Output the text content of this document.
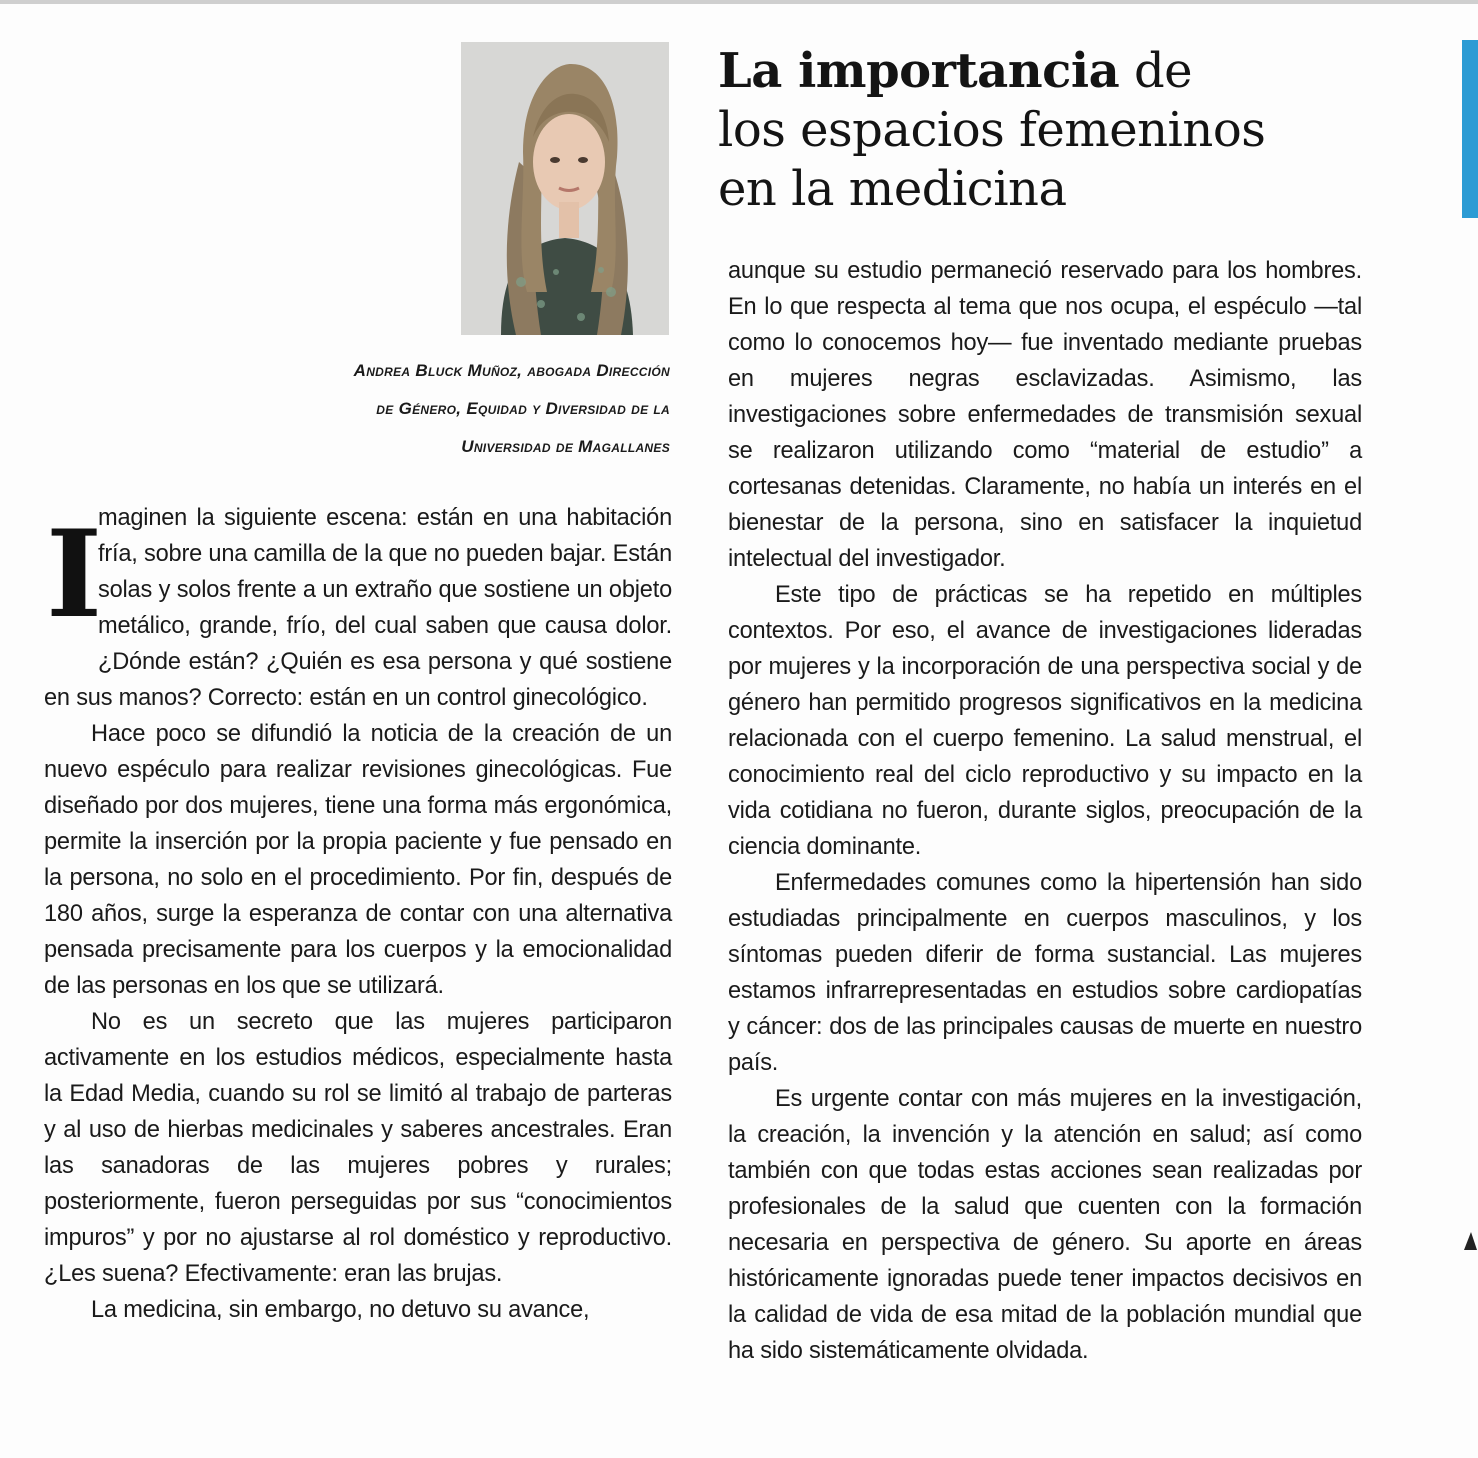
Andrea Bluck Muñoz, abogada Dirección
de Género, Equidad y Diversidad de la
Universidad de Magallanes

La importancia de
los espacios femeninos
en la medicina

I
maginen la siguiente escena: están en una habitación fría, sobre una camilla de la que no pueden bajar. Están solas y solos frente a un extraño que sostiene un objeto metálico, grande, frío, del cual saben que causa dolor. ¿Dónde están? ¿Quién es esa persona y qué sostiene en sus manos? Correcto: están en un control ginecológico.

Hace poco se difundió la noticia de la creación de un nuevo espéculo para realizar revisiones ginecológicas. Fue diseñado por dos mujeres, tiene una forma más ergonómica, permite la inserción por la propia paciente y fue pensado en la persona, no solo en el procedimiento. Por fin, después de 180 años, surge la esperanza de contar con una alternativa pensada precisamente para los cuerpos y la emocionalidad de las personas en los que se utilizará.

No es un secreto que las mujeres participaron activamente en los estudios médicos, especialmente hasta la Edad Media, cuando su rol se limitó al trabajo de parteras y al uso de hierbas medicinales y saberes ancestrales. Eran las sanadoras de las mujeres pobres y rurales; posteriormente, fueron perseguidas por sus “conocimientos impuros” y por no ajustarse al rol doméstico y reproductivo. ¿Les suena? Efectivamente: eran las brujas.

La medicina, sin embargo, no detuvo su avance,

aunque su estudio permaneció reservado para los hombres. En lo que respecta al tema que nos ocupa, el espéculo —tal como lo conocemos hoy— fue inventado mediante pruebas en mujeres negras esclavizadas. Asimismo, las investigaciones sobre enfermedades de transmisión sexual se realizaron utilizando como “material de estudio” a cortesanas detenidas. Claramente, no había un interés en el bienestar de la persona, sino en satisfacer la inquietud intelectual del investigador.

Este tipo de prácticas se ha repetido en múltiples contextos. Por eso, el avance de investigaciones lideradas por mujeres y la incorporación de una perspectiva social y de género han permitido progresos significativos en la medicina relacionada con el cuerpo femenino. La salud menstrual, el conocimiento real del ciclo reproductivo y su impacto en la vida cotidiana no fueron, durante siglos, preocupación de la ciencia dominante.

Enfermedades comunes como la hipertensión han sido estudiadas principalmente en cuerpos masculinos, y los síntomas pueden diferir de forma sustancial. Las mujeres estamos infrarrepresentadas en estudios sobre cardiopatías y cáncer: dos de las principales causas de muerte en nuestro país.

Es urgente contar con más mujeres en la investigación, la creación, la invención y la atención en salud; así como también con que todas estas acciones sean realizadas por profesionales de la salud que cuenten con la formación necesaria en perspectiva de género. Su aporte en áreas históricamente ignoradas puede tener impactos decisivos en la calidad de vida de esa mitad de la población mundial que ha sido sistemáticamente olvidada.
